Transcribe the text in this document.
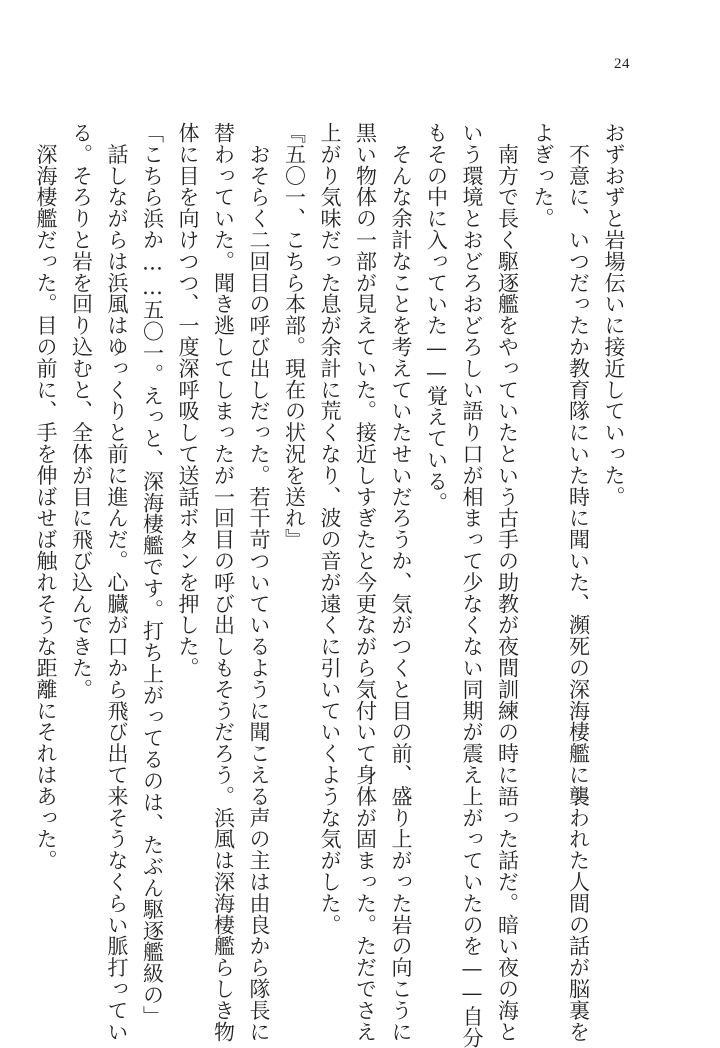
24
おずおずと岩場伝いに接近していった。
　不意に、いつだったか教育隊にいた時に聞いた、瀕死の深海棲艦に襲われた人間の話が脳裏を
よぎった。
　南方で長く駆逐艦をやっていたという古手の助教が夜間訓練の時に語った話だ。暗い夜の海と
いう環境とおどろおどろしい語り口が相まって少なくない同期が震え上がっていたのを——自分
もその中に入っていた——覚えている。
　そんな余計なことを考えていたせいだろうか、気がつくと目の前、盛り上がった岩の向こうに
黒い物体の一部が見えていた。接近しすぎたと今更ながら気付いて身体が固まった。ただでさえ
上がり気味だった息が余計に荒くなり、波の音が遠くに引いていくような気がした。
『五〇一、こちら本部。現在の状況を送れ』
　おそらく二回目の呼び出しだった。若干苛ついているように聞こえる声の主は由良から隊長に
替わっていた。聞き逃してしまったが一回目の呼び出しもそうだろう。浜風は深海棲艦らしき物
体に目を向けつつ、一度深呼吸して送話ボタンを押した。
「こちら浜か……五〇一。えっと、深海棲艦です。打ち上がってるのは、たぶん駆逐艦級の」
　話しながらは浜風はゆっくりと前に進んだ。心臓が口から飛び出て来そうなくらい脈打ってい
る。そろりと岩を回り込むと、全体が目に飛び込んできた。
　深海棲艦だった。目の前に、手を伸ばせば触れそうな距離にそれはあった。
